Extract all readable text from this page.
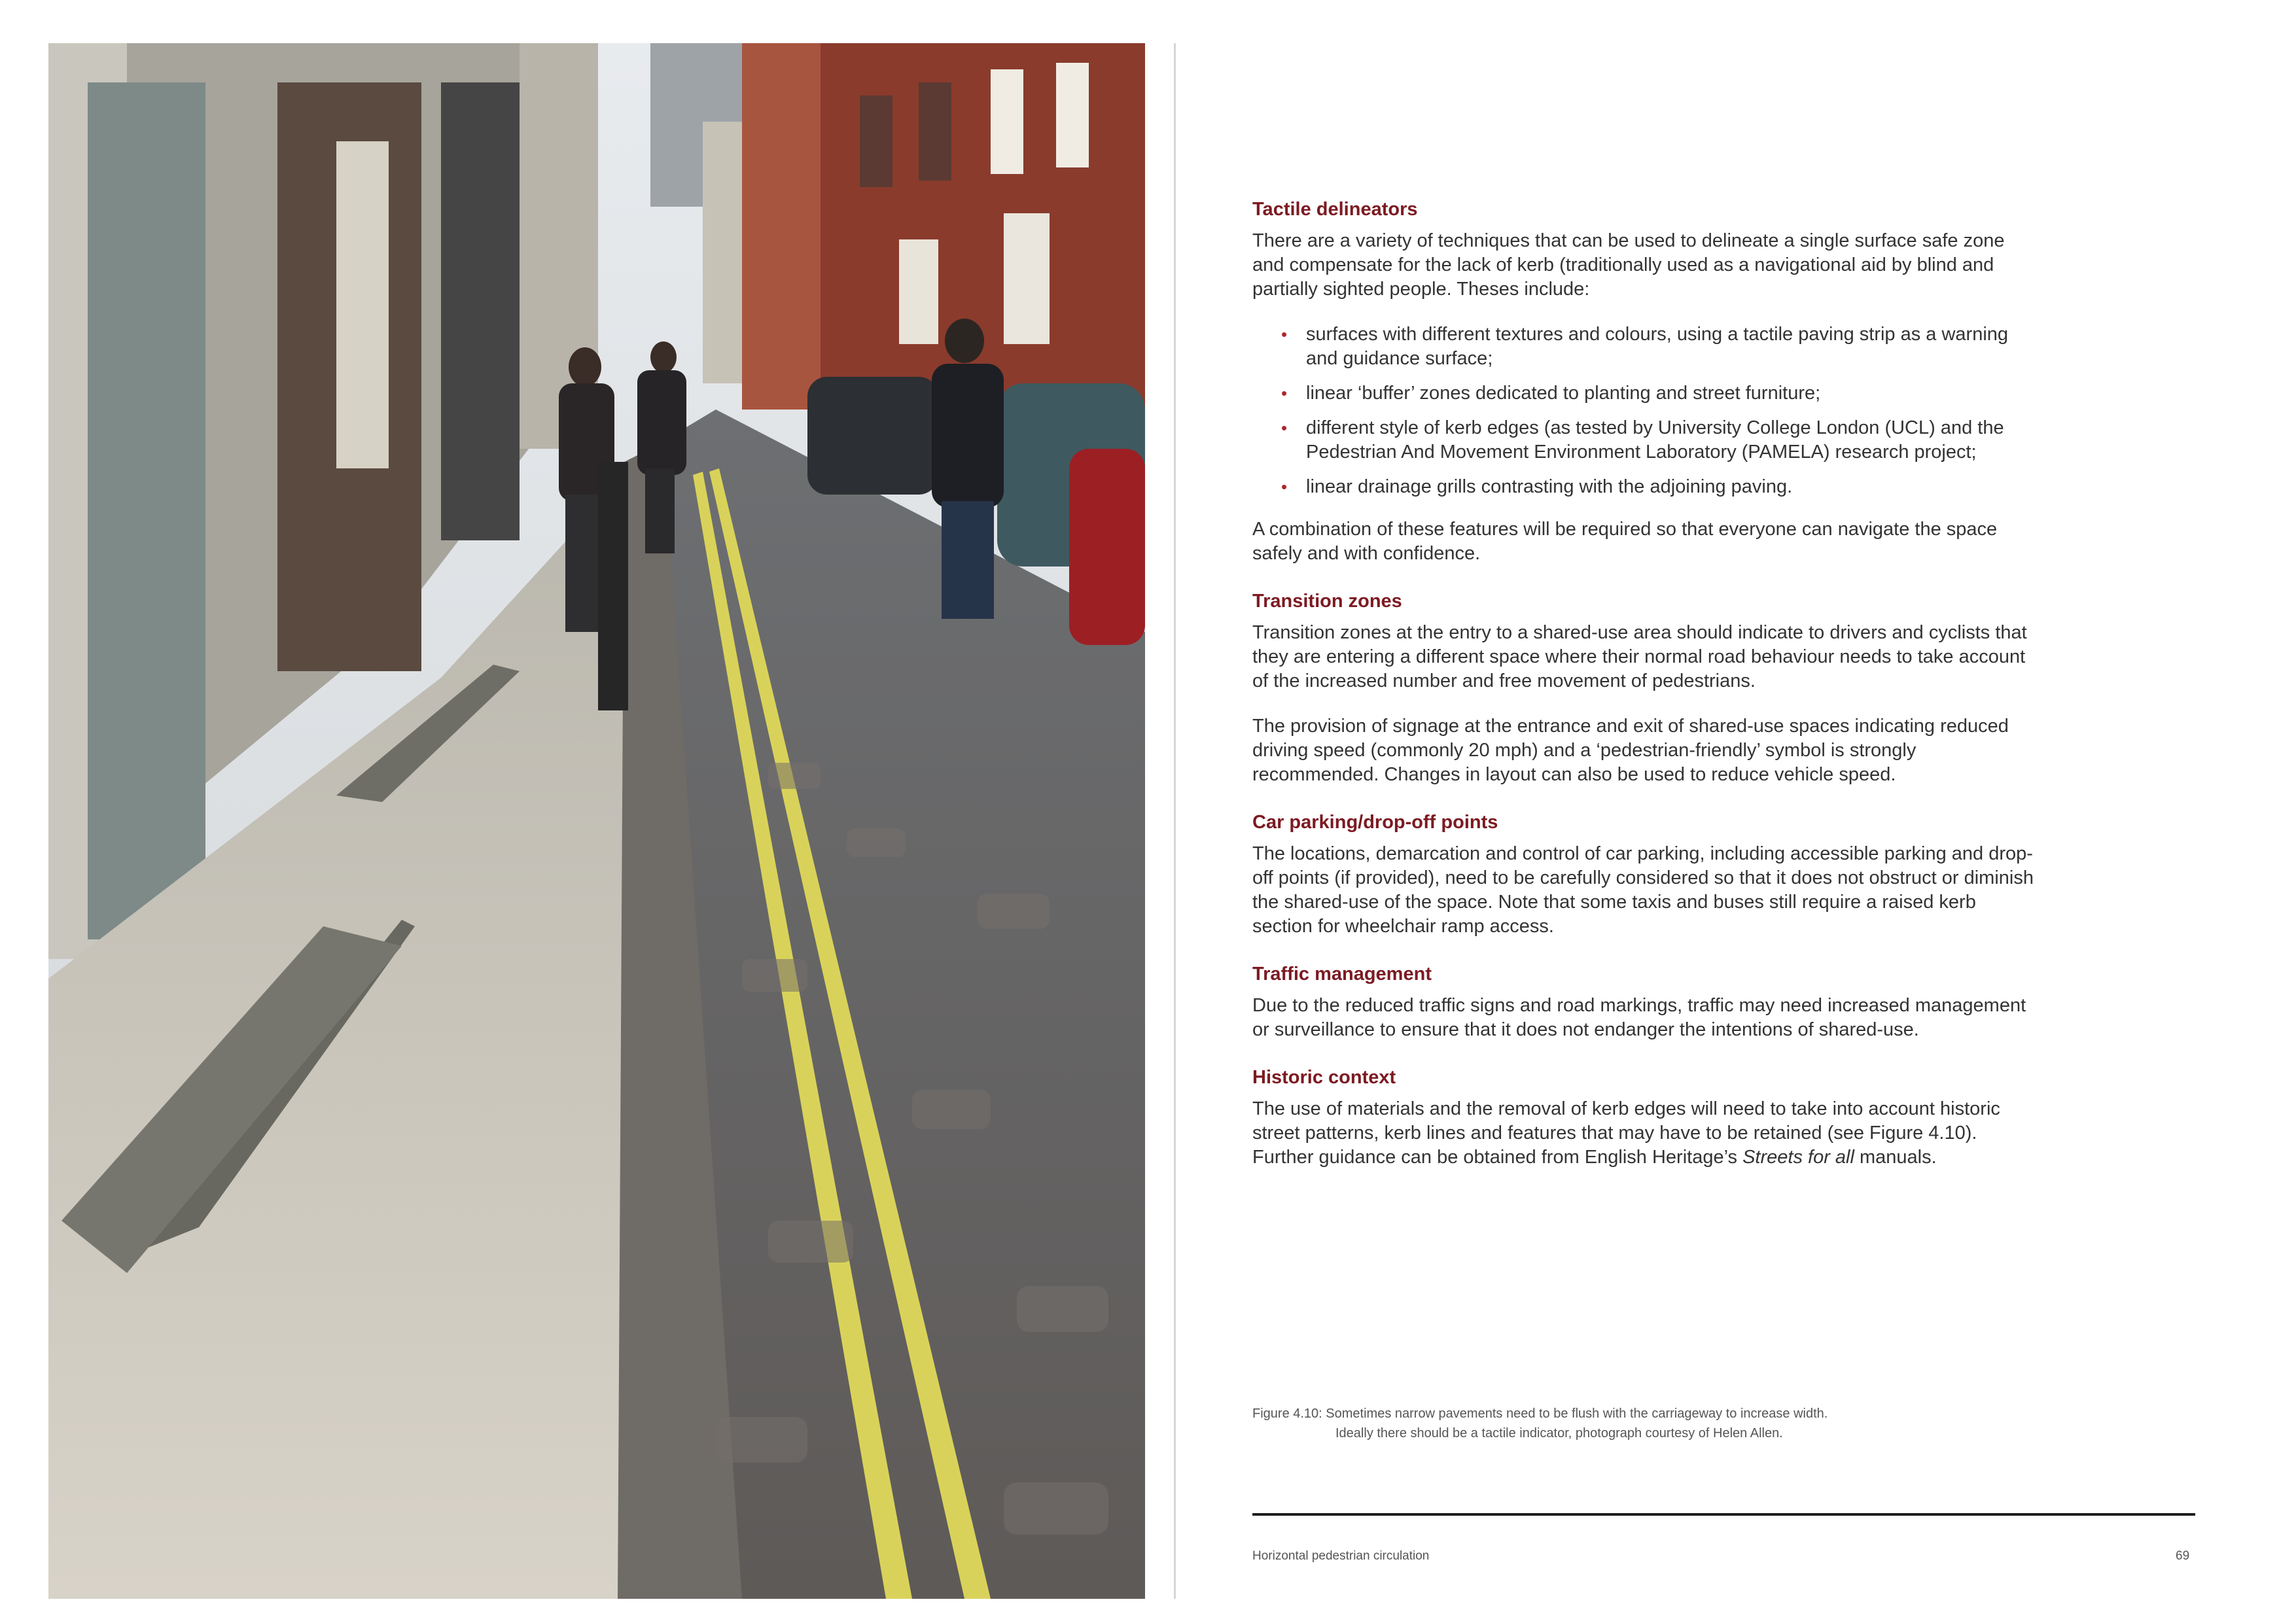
Tactile delineators

There are a variety of techniques that can be used to delineate a single surface safe zone and compensate for the lack of kerb (traditionally used as a navigational aid by blind and partially sighted people. Theses include:

• surfaces with different textures and colours, using a tactile paving strip as a warning and guidance surface;
• linear ‘buffer’ zones dedicated to planting and street furniture;
• different style of kerb edges (as tested by University College London (UCL) and the Pedestrian And Movement Environment Laboratory (PAMELA) research project;
• linear drainage grills contrasting with the adjoining paving.

A combination of these features will be required so that everyone can navigate the space safely and with confidence.

Transition zones

Transition zones at the entry to a shared-use area should indicate to drivers and cyclists that they are entering a different space where their normal road behaviour needs to take account of the increased number and free movement of pedestrians.

The provision of signage at the entrance and exit of shared-use spaces indicating reduced driving speed (commonly 20 mph) and a ‘pedestrian-friendly’ symbol is strongly recommended. Changes in layout can also be used to reduce vehicle speed.

Car parking/drop-off points

The locations, demarcation and control of car parking, including accessible parking and drop-off points (if provided), need to be carefully considered so that it does not obstruct or diminish the shared-use of the space. Note that some taxis and buses still require a raised kerb section for wheelchair ramp access.

Traffic management

Due to the reduced traffic signs and road markings, traffic may need increased management or surveillance to ensure that it does not endanger the intentions of shared-use.

Historic context

The use of materials and the removal of kerb edges will need to take into account historic street patterns, kerb lines and features that may have to be retained (see Figure 4.10). Further guidance can be obtained from English Heritage’s Streets for all manuals.

Figure 4.10: Sometimes narrow pavements need to be flush with the carriageway to increase width.
Ideally there should be a tactile indicator, photograph courtesy of Helen Allen.
Horizontal pedestrian circulation	69
